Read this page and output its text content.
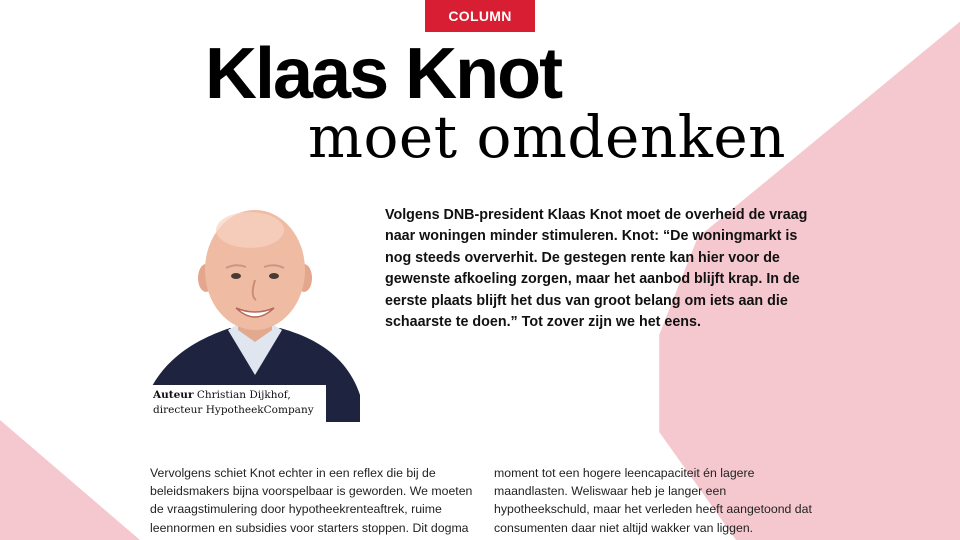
COLUMN
Klaas Knot
moet omdenken
Auteur Christian Dijkhof,
directeur HypotheekCompany
Volgens DNB-president Klaas Knot moet de overheid de vraag
naar woningen minder stimuleren. Knot: “De woningmarkt is
nog steeds oververhit. De gestegen rente kan hier voor de
gewenste afkoeling zorgen, maar het aanbod blijft krap. In de
eerste plaats blijft het dus van groot belang om iets aan die
schaarste te doen.” Tot zover zijn we het eens.
Vervolgens schiet Knot echter in een reflex die bij de
beleidsmakers bijna voorspelbaar is geworden. We moeten
de vraagstimulering door hypotheekrenteaftrek, ruime
leennormen en subsidies voor starters stoppen. Dit dogma
moment tot een hogere leencapaciteit én lagere
maandlasten. Weliswaar heb je langer een
hypotheekschuld, maar het verleden heeft aangetoond dat
consumenten daar niet altijd wakker van liggen.
